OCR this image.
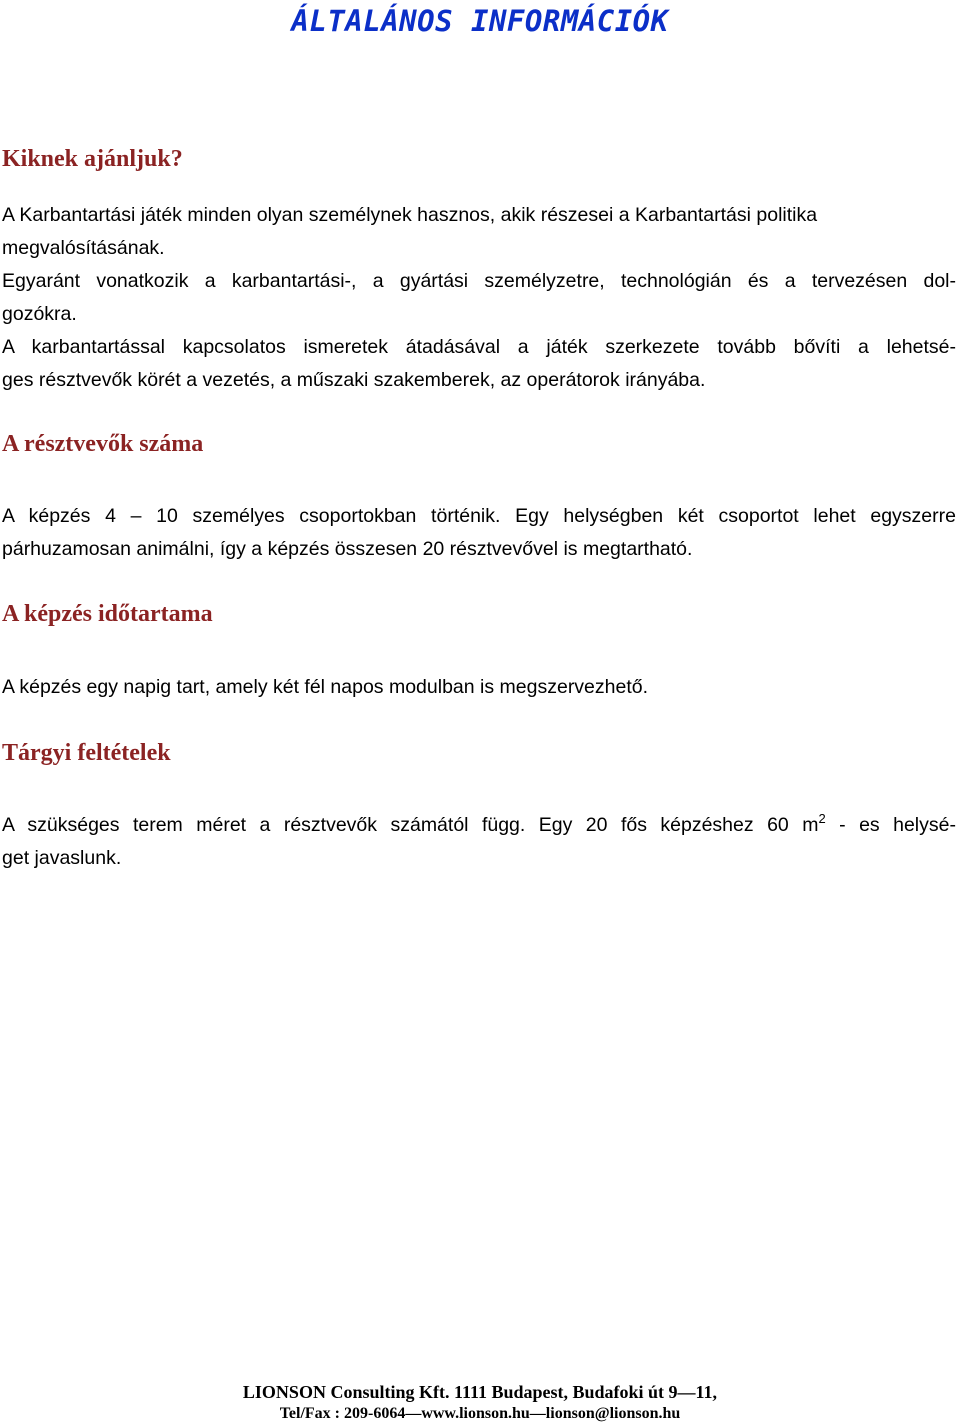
ÁLTALÁNOS INFORMÁCIÓK
Kiknek ajánljuk?
A Karbantartási játék minden olyan személynek hasznos, akik részesei a Karbantartási politika
megvalósításának.
Egyaránt vonatkozik a karbantartási-, a gyártási személyzetre, technológián és a tervezésen dol-
gozókra.
A karbantartással kapcsolatos ismeretek átadásával a játék szerkezete tovább bővíti a lehetsé-
ges résztvevők körét a vezetés, a műszaki szakemberek, az operátorok irányába.
A résztvevők száma
A képzés 4 – 10 személyes csoportokban történik. Egy helységben két csoportot lehet egyszerre
párhuzamosan animálni, így a képzés összesen 20 résztvevővel is megtartható.
A képzés időtartama
A képzés egy napig tart, amely két fél napos modulban is megszervezhető.
Tárgyi feltételek
A szükséges terem méret a résztvevők számától függ. Egy 20 fős képzéshez 60 $m^2$ - es helysé-
get javaslunk.
LIONSON Consulting Kft. 1111 Budapest, Budafoki út 9—11,
Tel/Fax : 209-6064—www.lionson.hu—lionson@lionson.hu
